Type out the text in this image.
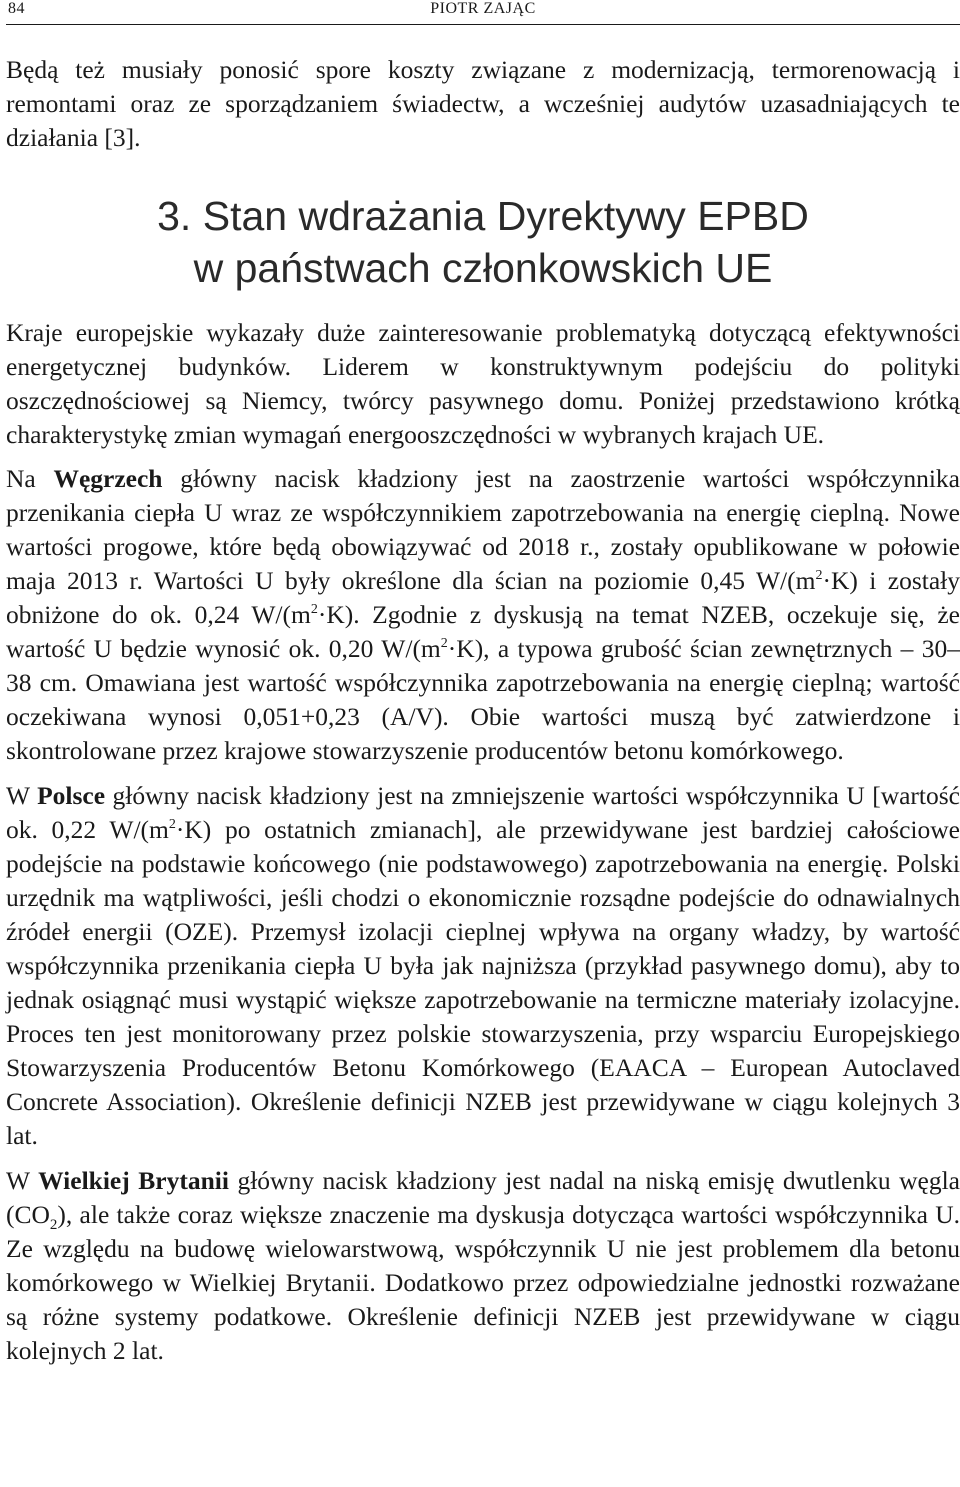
84	PIOTR ZAJĄC

Będą też musiały ponosić spore koszty związane z modernizacją, termorenowacją i remontami oraz ze sporządzaniem świadectw, a wcześniej audytów uzasadniających te działania [3].

3. Stan wdrażania Dyrektywy EPBD
w państwach członkowskich UE

Kraje europejskie wykazały duże zainteresowanie problematyką dotyczącą efektywności energetycznej budynków. Liderem w konstruktywnym podejściu do polityki oszczędnościowej są Niemcy, twórcy pasywnego domu. Poniżej przedstawiono krótką charakterystykę zmian wymagań energooszczędności w wybranych krajach UE.

Na Węgrzech główny nacisk kładziony jest na zaostrzenie wartości współczynnika przenikania ciepła U wraz ze współczynnikiem zapotrzebowania na energię cieplną. Nowe wartości progowe, które będą obowiązywać od 2018 r., zostały opublikowane w połowie maja 2013 r. Wartości U były określone dla ścian na poziomie 0,45 $W/(m^2\cdot K)$ i zostały obniżone do ok. 0,24 $W/(m^2\cdot K)$. Zgodnie z dyskusją na temat NZEB, oczekuje się, że wartość U będzie wynosić ok. 0,20 $W/(m^2\cdot K)$, a typowa grubość ścian zewnętrznych – 30–38 cm. Omawiana jest wartość współczynnika zapotrzebowania na energię cieplną; wartość oczekiwana wynosi 0,051+0,23 (A/V). Obie wartości muszą być zatwierdzone i skontrolowane przez krajowe stowarzyszenie producentów betonu komórkowego.

W Polsce główny nacisk kładziony jest na zmniejszenie wartości współczynnika U [wartość ok. 0,22 $W/(m^2\cdot K)$ po ostatnich zmianach], ale przewidywane jest bardziej całościowe podejście na podstawie końcowego (nie podstawowego) zapotrzebowania na energię. Polski urzędnik ma wątpliwości, jeśli chodzi o ekonomicznie rozsądne podejście do odnawialnych źródeł energii (OZE). Przemysł izolacji cieplnej wpływa na organy władzy, by wartość współczynnika przenikania ciepła U była jak najniższa (przykład pasywnego domu), aby to jednak osiągnąć musi wystąpić większe zapotrzebowanie na termiczne materiały izolacyjne. Proces ten jest monitorowany przez polskie stowarzyszenia, przy wsparciu Europejskiego Stowarzyszenia Producentów Betonu Komórkowego (EAACA – European Autoclaved Concrete Association). Określenie definicji NZEB jest przewidywane w ciągu kolejnych 3 lat.

W Wielkiej Brytanii główny nacisk kładziony jest nadal na niską emisję dwutlenku węgla $(CO_2)$, ale także coraz większe znaczenie ma dyskusja dotycząca wartości współczynnika U. Ze względu na budowę wielowarstwową, współczynnik U nie jest problemem dla betonu komórkowego w Wielkiej Brytanii. Dodatkowo przez odpowiedzialne jednostki rozważane są różne systemy podatkowe. Określenie definicji NZEB jest przewidywane w ciągu kolejnych 2 lat.
